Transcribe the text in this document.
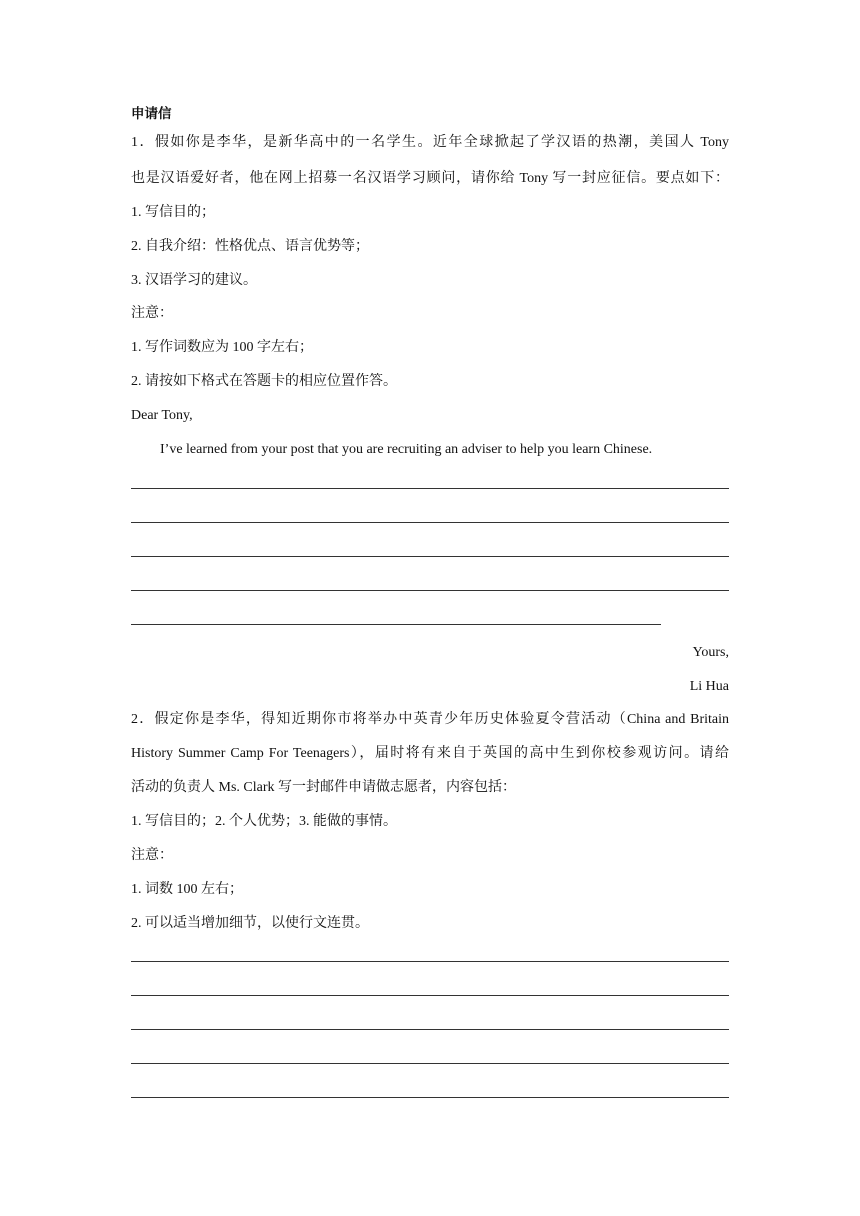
申请信
1．假如你是李华，是新华高中的一名学生。近年全球掀起了学汉语的热潮，美国人 Tony
也是汉语爱好者，他在网上招募一名汉语学习顾问，请你给 Tony 写一封应征信。要点如下：
1. 写信目的；
2. 自我介绍：性格优点、语言优势等；
3. 汉语学习的建议。
注意：
1. 写作词数应为 100 字左右；
2. 请按如下格式在答题卡的相应位置作答。
Dear Tony,
I’ve learned from your post that you are recruiting an adviser to help you learn Chinese.
Yours,
Li Hua
2．假定你是李华，得知近期你市将举办中英青少年历史体验夏令营活动（China and Britain
History Summer Camp For Teenagers），届时将有来自于英国的高中生到你校参观访问。请给
活动的负责人 Ms. Clark 写一封邮件申请做志愿者，内容包括：
1. 写信目的；2. 个人优势；3. 能做的事情。
注意：
1. 词数 100 左右；
2. 可以适当增加细节，以使行文连贯。
